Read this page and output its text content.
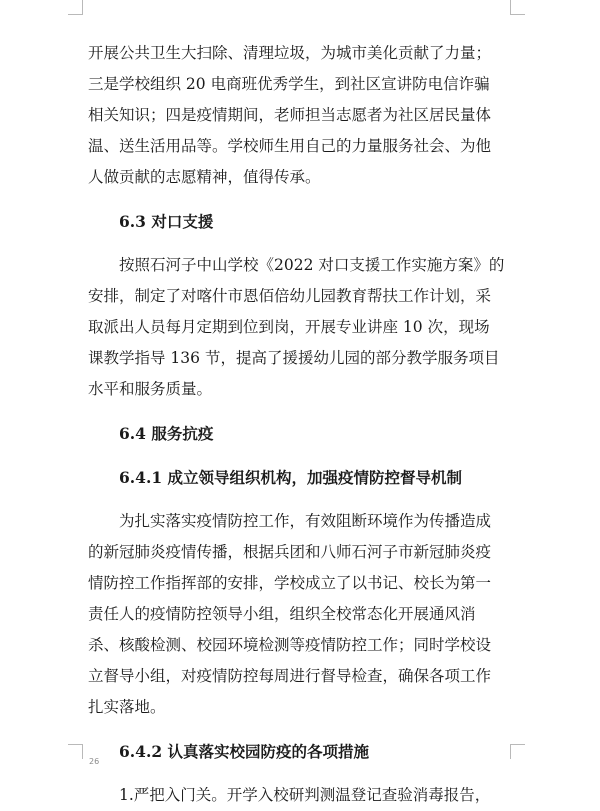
开展公共卫生大扫除、清理垃圾，为城市美化贡献了力量；
三是学校组织 20 电商班优秀学生，到社区宣讲防电信诈骗
相关知识；四是疫情期间，老师担当志愿者为社区居民量体
温、送生活用品等。学校师生用自己的力量服务社会、为他
人做贡献的志愿精神，值得传承。
6.3 对口支援
按照石河子中山学校《2022 对口支援工作实施方案》的
安排，制定了对喀什市恩佰倍幼儿园教育帮扶工作计划，采
取派出人员每月定期到位到岗，开展专业讲座 10 次，现场
课教学指导 136 节，提高了援援幼儿园的部分教学服务项目
水平和服务质量。
6.4 服务抗疫
6.4.1 成立领导组织机构，加强疫情防控督导机制
为扎实落实疫情防控工作，有效阻断环境作为传播造成
的新冠肺炎疫情传播，根据兵团和八师石河子市新冠肺炎疫
情防控工作指挥部的安排，学校成立了以书记、校长为第一
责任人的疫情防控领导小组，组织全校常态化开展通风消
杀、核酸检测、校园环境检测等疫情防控工作；同时学校设
立督导小组，对疫情防控每周进行督导检查，确保各项工作
扎实落地。
6.4.2 认真落实校园防疫的各项措施
1.严把入门关。开学入校研判测温登记查验消毒报告，
26
